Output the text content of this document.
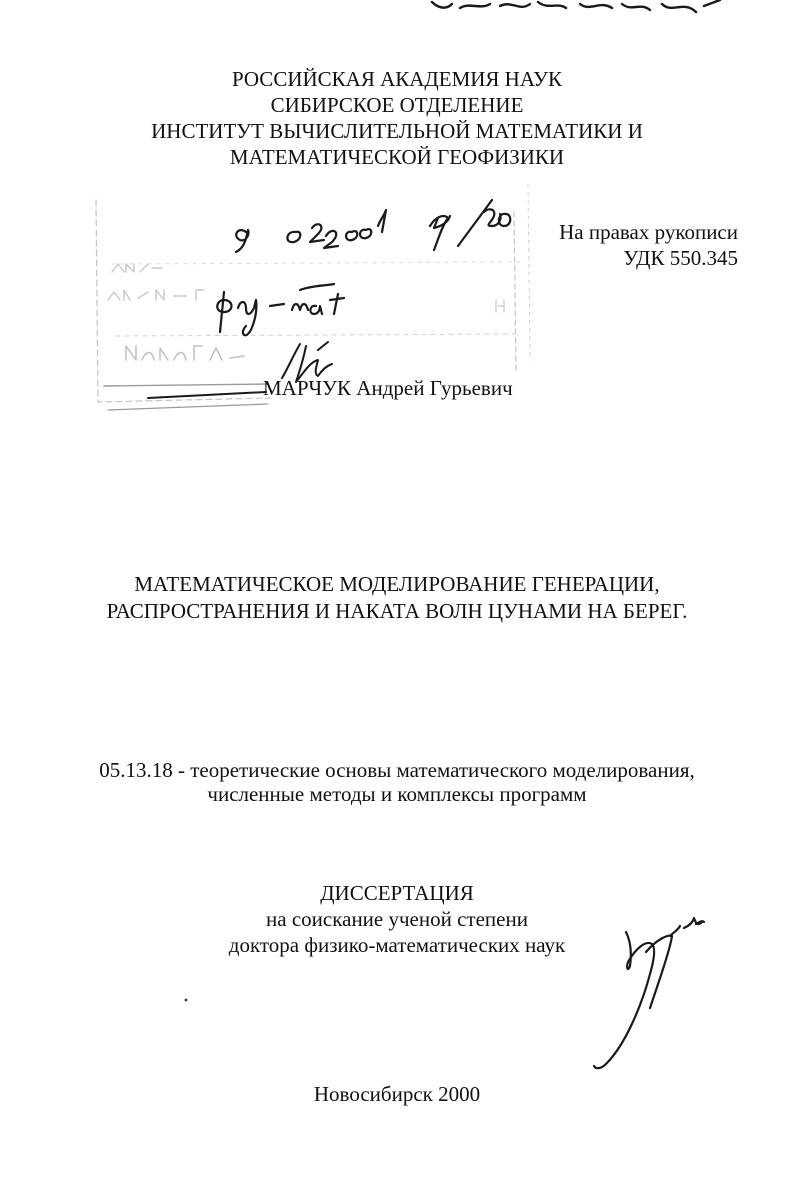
РОССИЙСКАЯ АКАДЕМИЯ НАУК
СИБИРСКОЕ ОТДЕЛЕНИЕ
ИНСТИТУТ ВЫЧИСЛИТЕЛЬНОЙ МАТЕМАТИКИ И
МАТЕМАТИЧЕСКОЙ ГЕОФИЗИКИ
На правах рукописи
УДК 550.345
МАРЧУК Андрей Гурьевич
МАТЕМАТИЧЕСКОЕ МОДЕЛИРОВАНИЕ ГЕНЕРАЦИИ,
РАСПРОСТРАНЕНИЯ И НАКАТА ВОЛН ЦУНАМИ НА БЕРЕГ.
05.13.18 - теоретические основы математического моделирования,
численные методы и комплексы программ
ДИССЕРТАЦИЯ
на соискание ученой степени
доктора физико-математических наук
Новосибирск 2000
